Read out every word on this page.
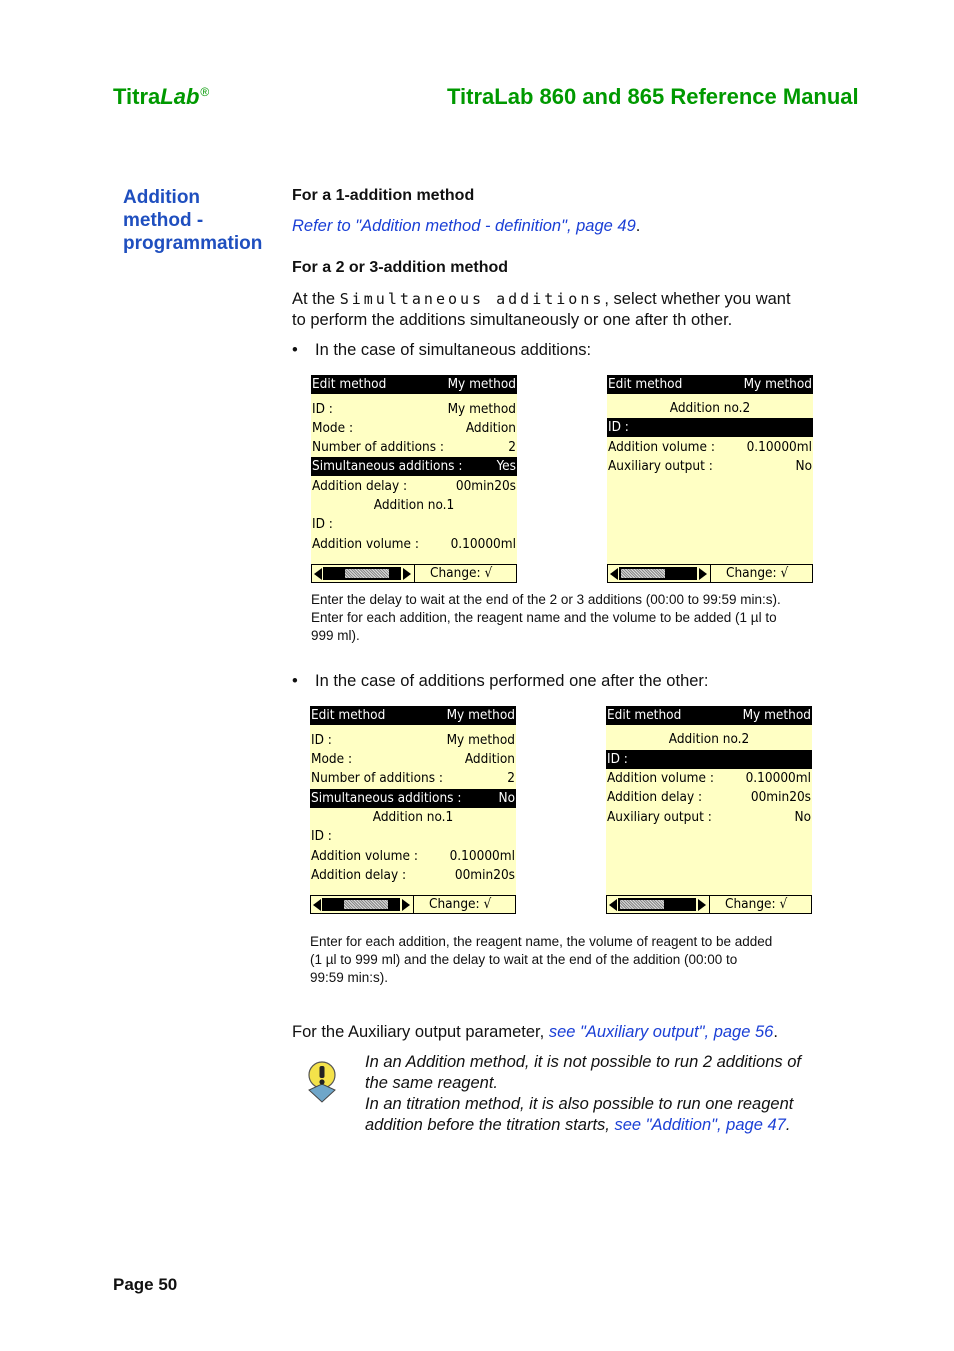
TitraLab®	TitraLab 860 and 865 Reference Manual
Addition
method -
programmation
For a 1-addition method
Refer to "Addition method - definition", page 49.
For a 2 or 3-addition method
At the Simultaneous additions, select whether you want
to perform the additions simultaneously or one after th other.
• In the case of simultaneous additions:
Edit method	My method
ID :	My method
Mode :	Addition
Number of additions :	2
Simultaneous additions :	Yes
Addition delay :	00min20s
Addition no.1
ID :
Addition volume : 0.10000ml
Change: √
Edit method	My method
Addition no.2
ID :
Addition volume : 0.10000ml
Auxiliary output :	No
Change: √
Enter the delay to wait at the end of the 2 or 3 additions (00:00 to 99:59 min:s).
Enter for each addition, the reagent name and the volume to be added (1 µl to
999 ml).
• In the case of additions performed one after the other:
Edit method	My method
ID :	My method
Mode :	Addition
Number of additions :	2
Simultaneous additions :	No
Addition no.1
ID :
Addition volume : 0.10000ml
Addition delay :	00min20s
Change: √
Edit method	My method
Addition no.2
ID :
Addition volume : 0.10000ml
Addition delay :	00min20s
Auxiliary output :	No
Change: √
Enter for each addition, the reagent name, the volume of reagent to be added
(1 µl to 999 ml) and the delay to wait at the end of the addition (00:00 to
99:59 min:s).
For the Auxiliary output parameter, see "Auxiliary output", page 56.
In an Addition method, it is not possible to run 2 additions of
the same reagent.
In an titration method, it is also possible to run one reagent
addition before the titration starts, see "Addition", page 47.
Page 50
